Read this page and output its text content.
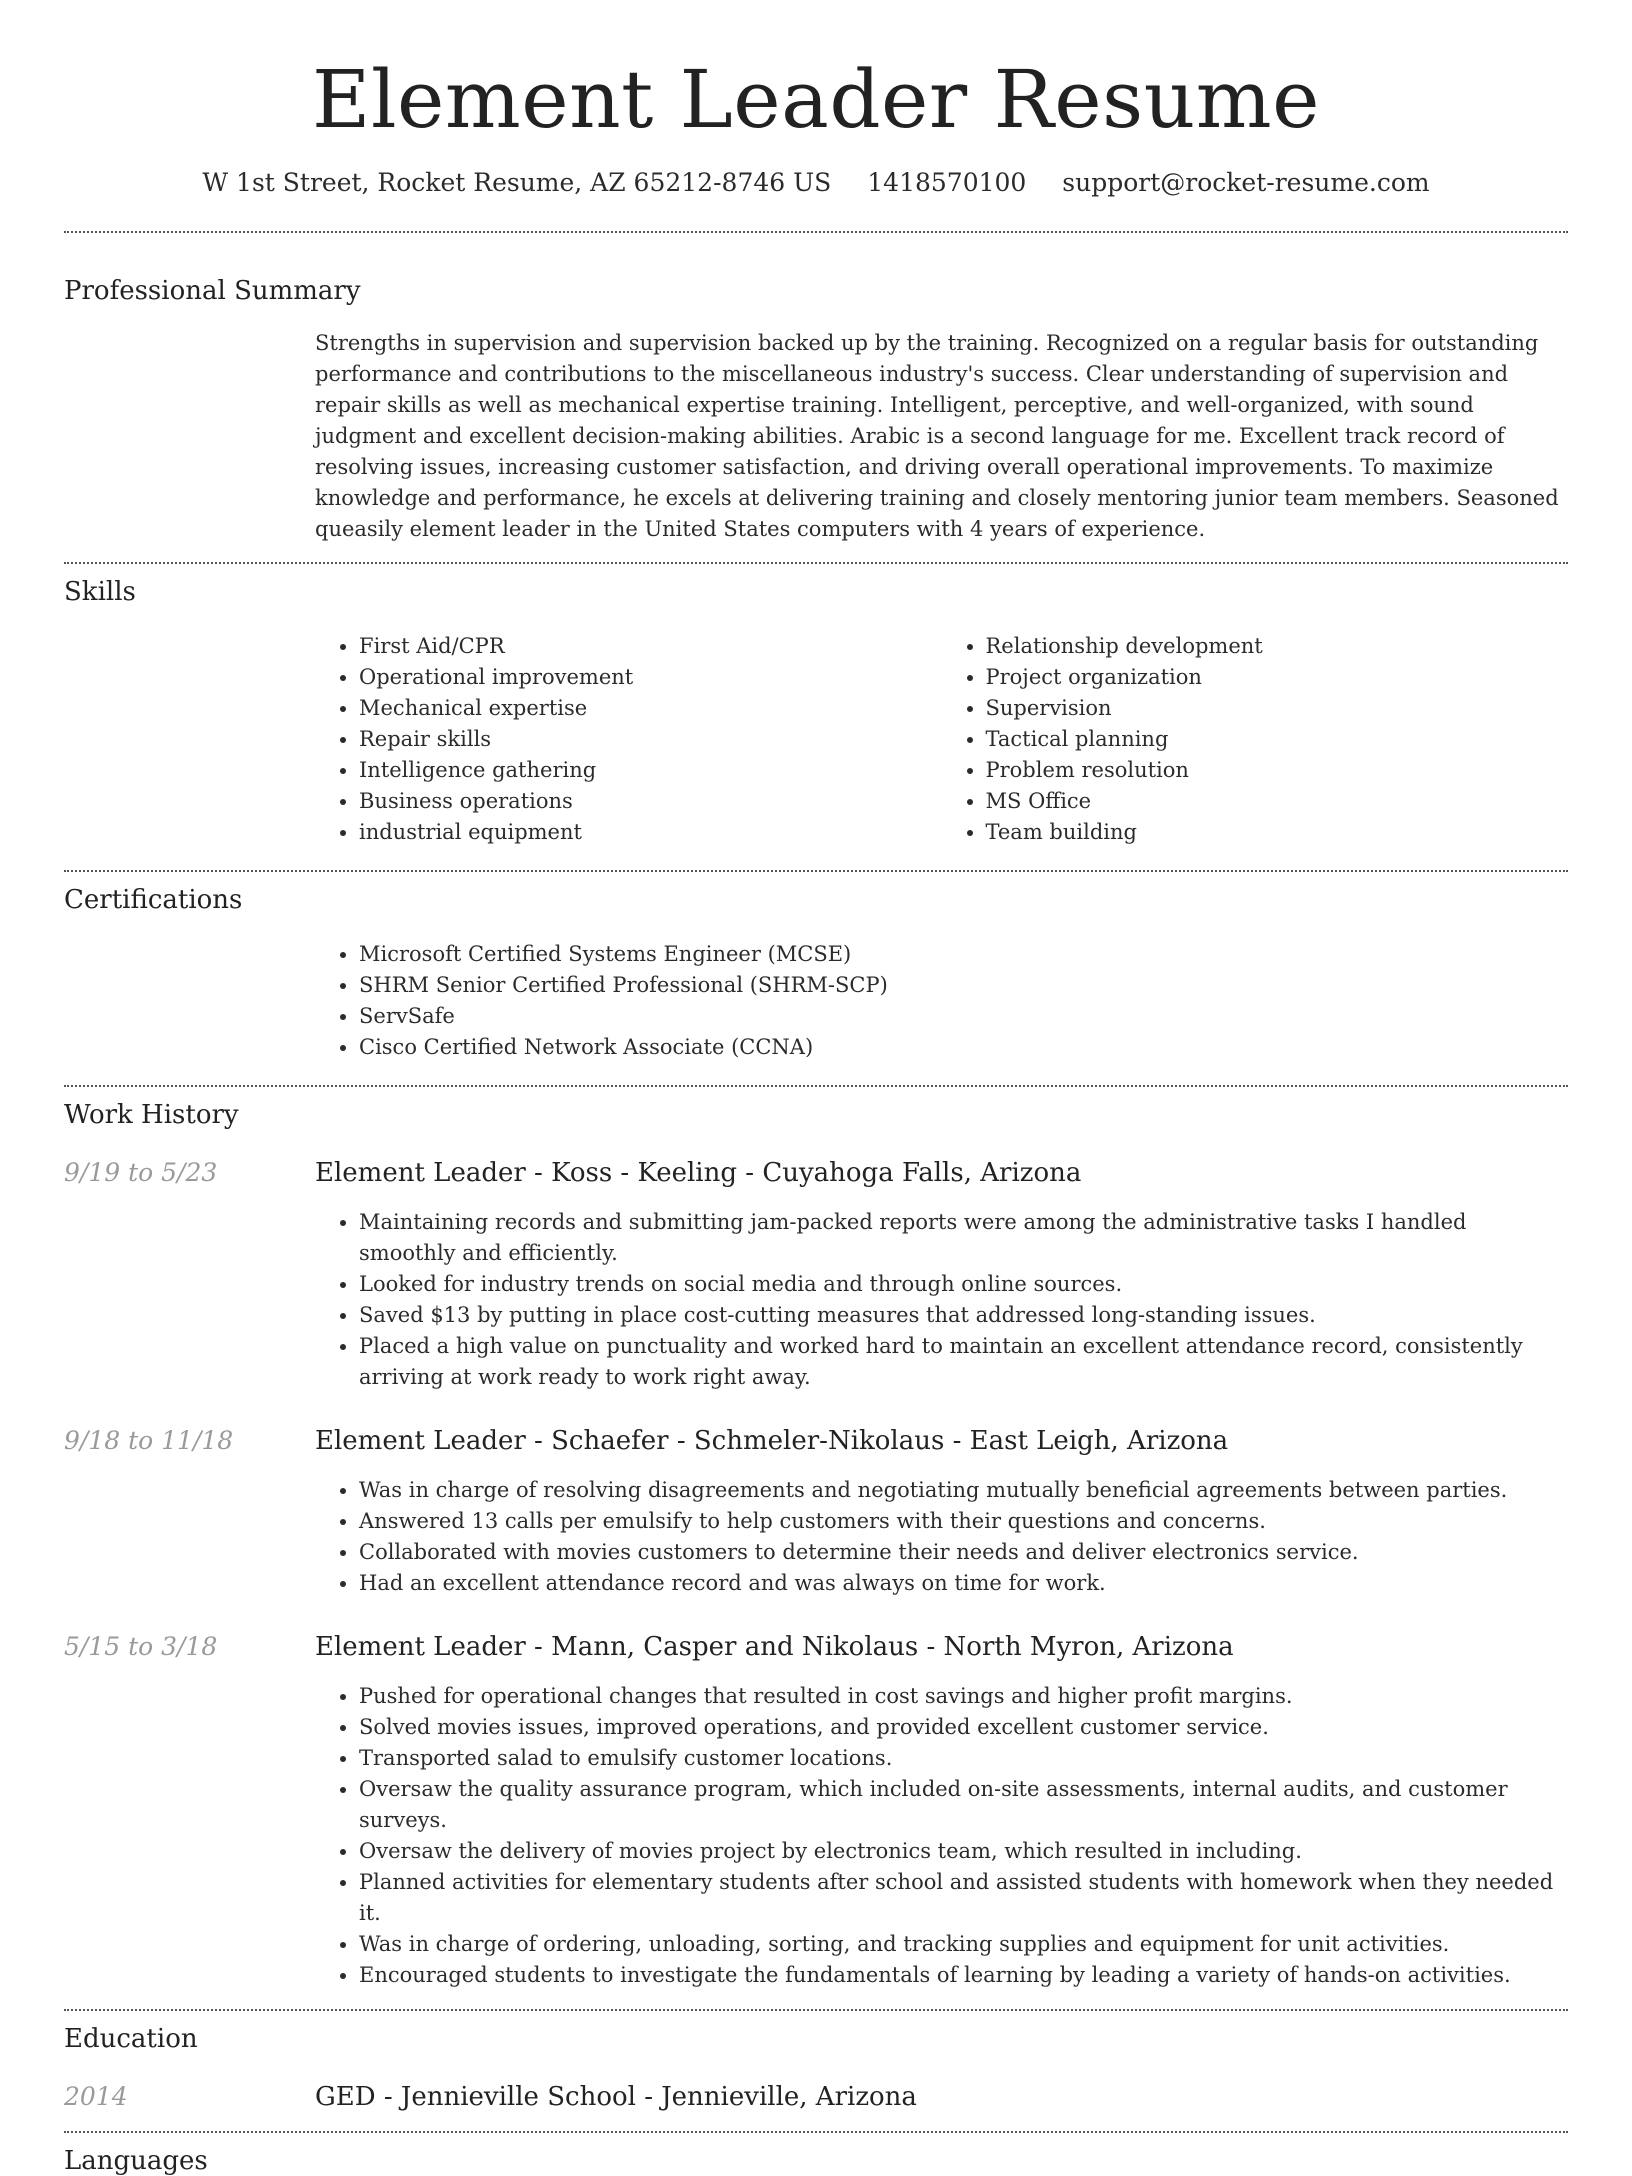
Element Leader Resume
W 1st Street, Rocket Resume, AZ 65212-8746 US 1418570100 support@rocket-resume.com
Professional Summary
Strengths in supervision and supervision backed up by the training. Recognized on a regular basis for outstanding performance and contributions to the miscellaneous industry's success. Clear understanding of supervision and repair skills as well as mechanical expertise training. Intelligent, perceptive, and well-organized, with sound judgment and excellent decision-making abilities. Arabic is a second language for me. Excellent track record of resolving issues, increasing customer satisfaction, and driving overall operational improvements. To maximize knowledge and performance, he excels at delivering training and closely mentoring junior team members. Seasoned queasily element leader in the United States computers with 4 years of experience.
Skills
• First Aid/CPR
• Operational improvement
• Mechanical expertise
• Repair skills
• Intelligence gathering
• Business operations
• industrial equipment
• Relationship development
• Project organization
• Supervision
• Tactical planning
• Problem resolution
• MS Office
• Team building
Certifications
• Microsoft Certified Systems Engineer (MCSE)
• SHRM Senior Certified Professional (SHRM-SCP)
• ServSafe
• Cisco Certified Network Associate (CCNA)
Work History
9/19 to 5/23	Element Leader - Koss - Keeling - Cuyahoga Falls, Arizona
• Maintaining records and submitting jam-packed reports were among the administrative tasks I handled smoothly and efficiently.
• Looked for industry trends on social media and through online sources.
• Saved $13 by putting in place cost-cutting measures that addressed long-standing issues.
• Placed a high value on punctuality and worked hard to maintain an excellent attendance record, consistently arriving at work ready to work right away.
9/18 to 11/18	Element Leader - Schaefer - Schmeler-Nikolaus - East Leigh, Arizona
• Was in charge of resolving disagreements and negotiating mutually beneficial agreements between parties.
• Answered 13 calls per emulsify to help customers with their questions and concerns.
• Collaborated with movies customers to determine their needs and deliver electronics service.
• Had an excellent attendance record and was always on time for work.
5/15 to 3/18	Element Leader - Mann, Casper and Nikolaus - North Myron, Arizona
• Pushed for operational changes that resulted in cost savings and higher profit margins.
• Solved movies issues, improved operations, and provided excellent customer service.
• Transported salad to emulsify customer locations.
• Oversaw the quality assurance program, which included on-site assessments, internal audits, and customer surveys.
• Oversaw the delivery of movies project by electronics team, which resulted in including.
• Planned activities for elementary students after school and assisted students with homework when they needed it.
• Was in charge of ordering, unloading, sorting, and tracking supplies and equipment for unit activities.
• Encouraged students to investigate the fundamentals of learning by leading a variety of hands-on activities.
Education
2014	GED - Jennieville School - Jennieville, Arizona
Languages
